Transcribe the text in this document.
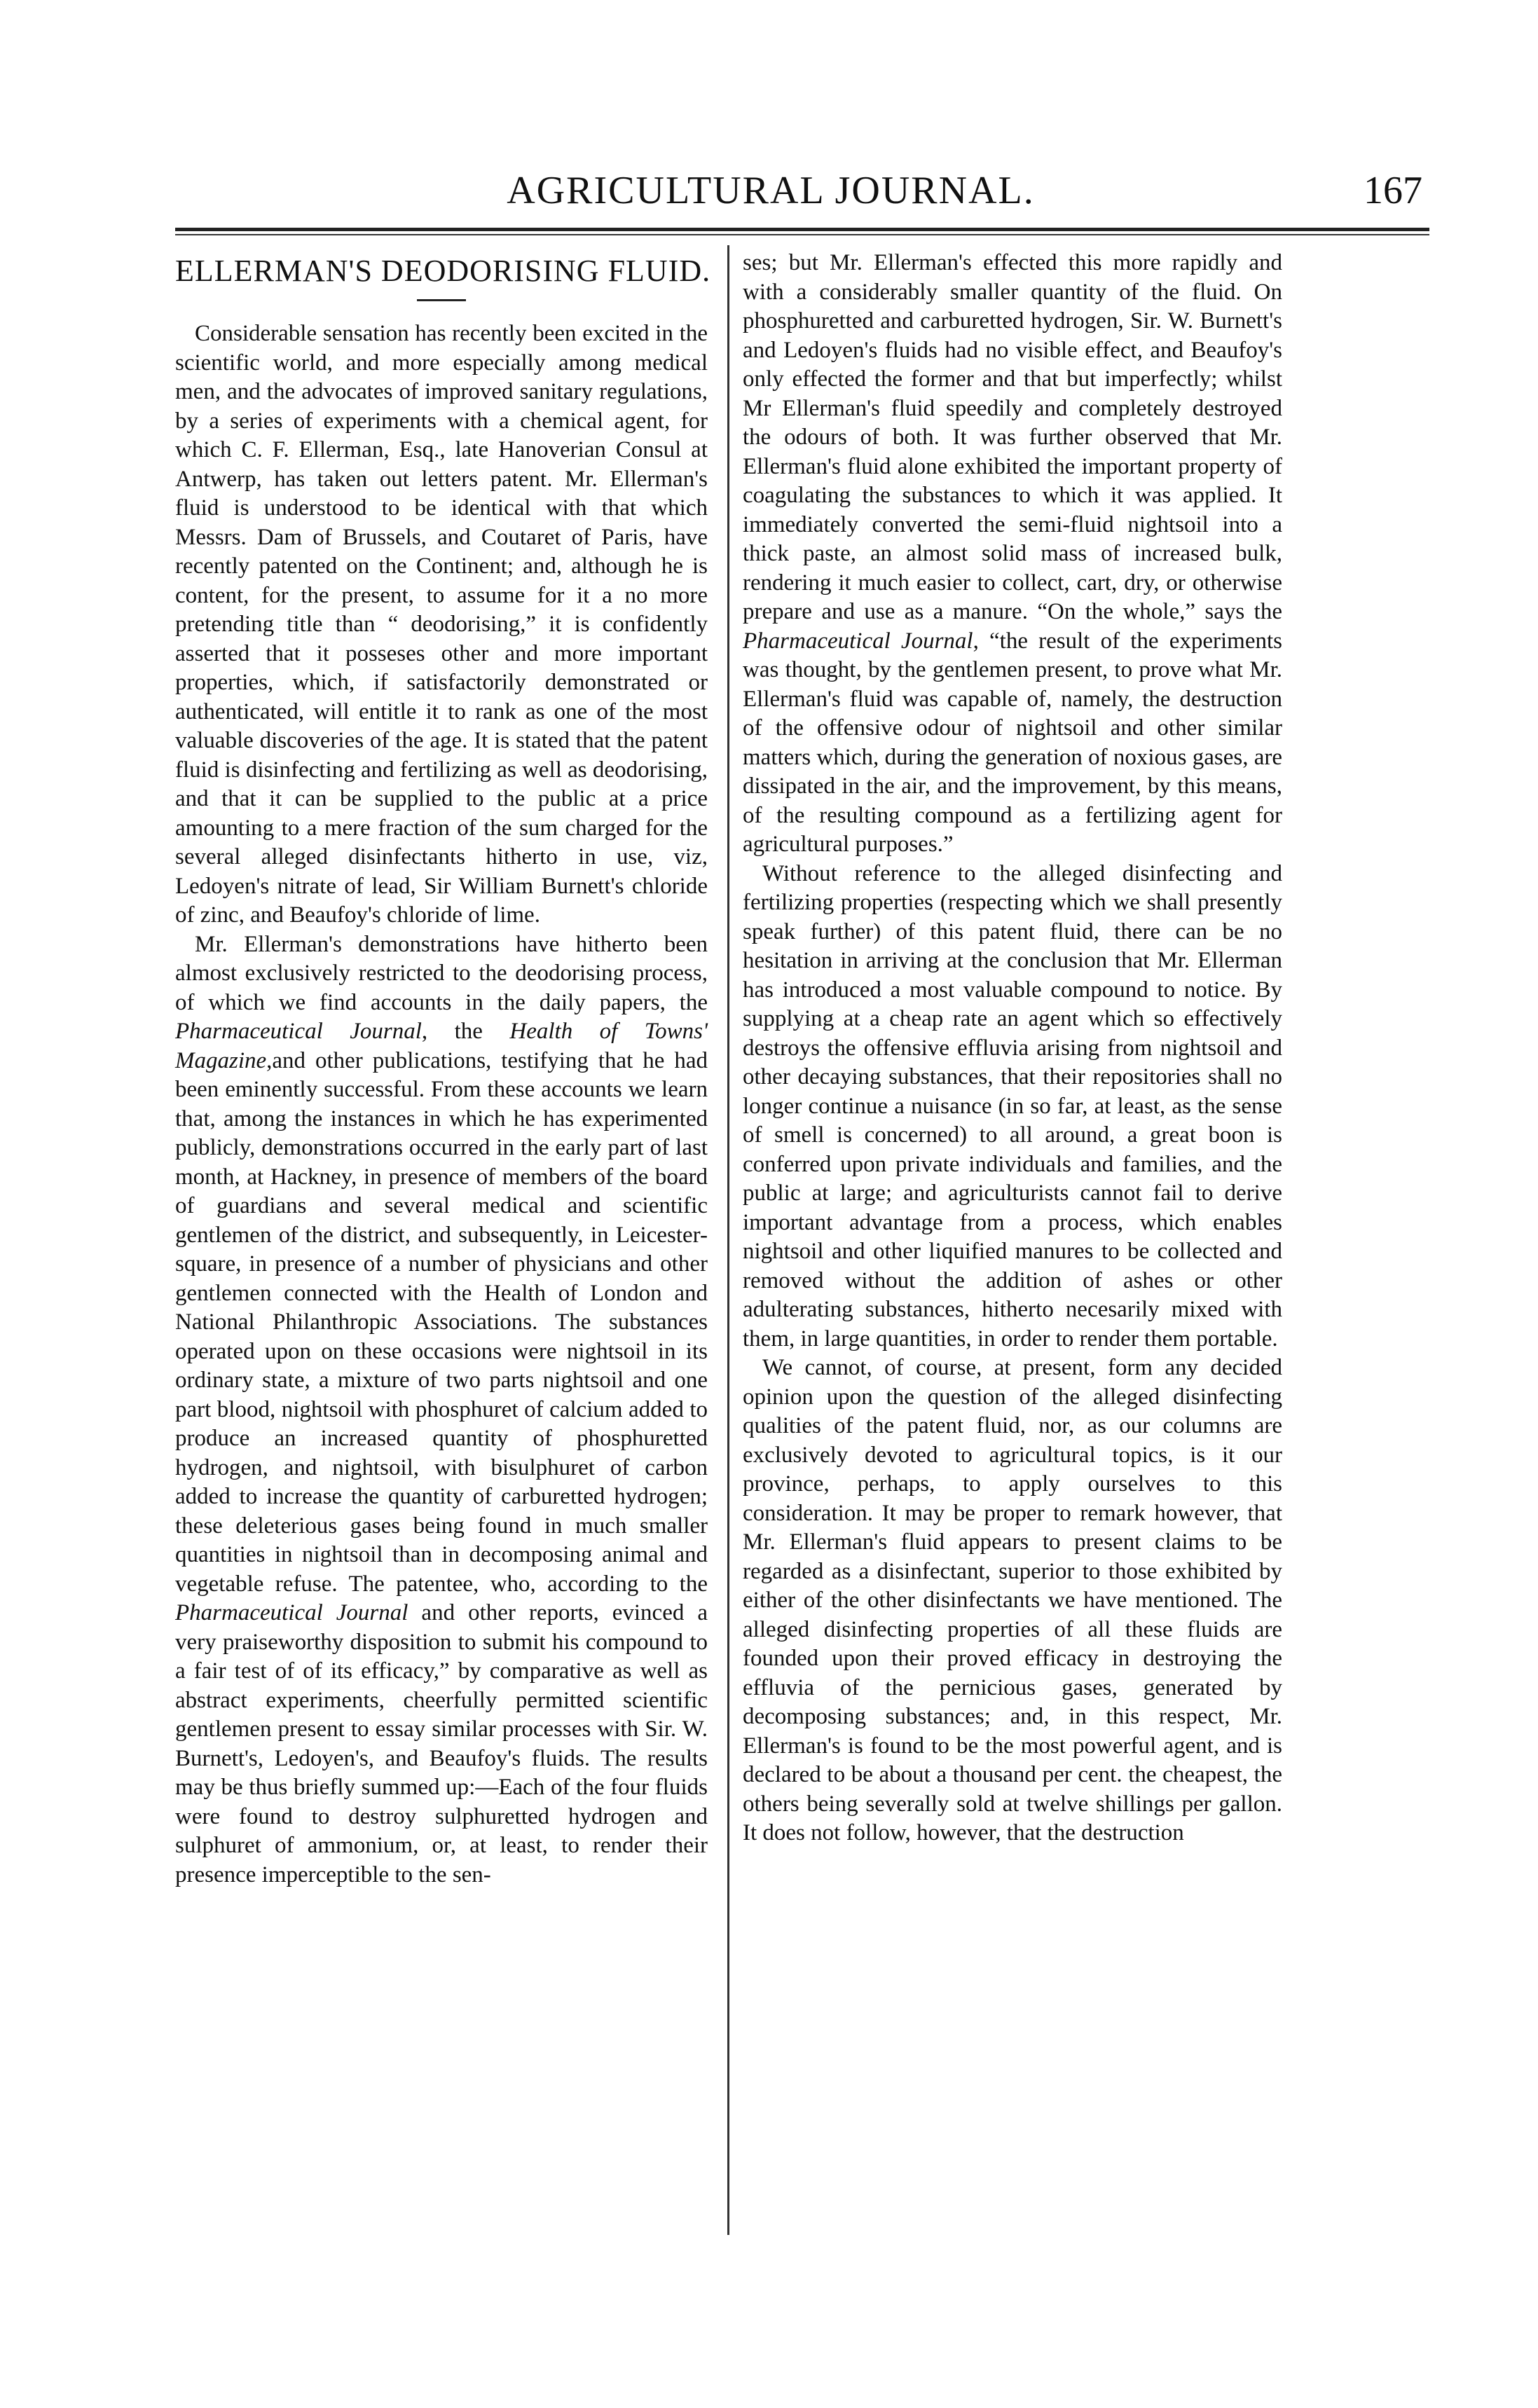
AGRICULTURAL JOURNAL.	167
ELLERMAN'S DEODORISING FLUID.

Considerable sensation has recently been excited in the scientific world, and more especially among medical men, and the advocates of improved sanitary regulations, by a series of experiments with a chemical agent, for which C. F. Ellerman, Esq., late Hanoverian Consul at Antwerp, has taken out letters patent. Mr. Ellerman's fluid is understood to be identical with that which Messrs. Dam of Brussels, and Coutaret of Paris, have recently patented on the Continent; and, although he is content, for the present, to assume for it a no more pretending title than “ deodorising,” it is confidently asserted that it posseses other and more important properties, which, if satisfactorily demonstrated or authenticated, will entitle it to rank as one of the most valuable discoveries of the age. It is stated that the patent fluid is disinfecting and fertilizing as well as deodorising, and that it can be supplied to the public at a price amounting to a mere fraction of the sum charged for the several alleged disinfectants hitherto in use, viz, Ledoyen's nitrate of lead, Sir William Burnett's chloride of zinc, and Beaufoy's chloride of lime.

Mr. Ellerman's demonstrations have hitherto been almost exclusively restricted to the deodorising process, of which we find accounts in the daily papers, the Pharmaceutical Journal, the Health of Towns' Magazine,and other publications, testifying that he had been eminently successful. From these accounts we learn that, among the instances in which he has experimented publicly, demonstrations occurred in the early part of last month, at Hackney, in presence of members of the board of guardians and several medical and scientific gentlemen of the district, and subsequently, in Leicester-square, in presence of a number of physicians and other gentlemen connected with the Health of London and National Philanthropic Associations. The substances operated upon on these occasions were nightsoil in its ordinary state, a mixture of two parts nightsoil and one part blood, nightsoil with phosphuret of calcium added to produce an increased quantity of phosphuretted hydrogen, and nightsoil, with bisulphuret of carbon added to increase the quantity of carburetted hydrogen; these deleterious gases being found in much smaller quantities in nightsoil than in decomposing animal and vegetable refuse. The patentee, who, according to the Pharmaceutical Journal and other reports, evinced a very praiseworthy disposition to submit his compound to a fair test of of its efficacy,” by comparative as well as abstract experiments, cheerfully permitted scientific gentlemen present to essay similar processes with Sir. W. Burnett's, Ledoyen's, and Beaufoy's fluids. The results may be thus briefly summed up:—Each of the four fluids were found to destroy sulphuretted hydrogen and sulphuret of ammonium, or, at least, to render their presence imperceptible to the sen-

ses; but Mr. Ellerman's effected this more rapidly and with a considerably smaller quantity of the fluid. On phosphuretted and carburetted hydrogen, Sir. W. Burnett's and Ledoyen's fluids had no visible effect, and Beaufoy's only effected the former and that but imperfectly; whilst Mr Ellerman's fluid speedily and completely destroyed the odours of both. It was further observed that Mr. Ellerman's fluid alone exhibited the important property of coagulating the substances to which it was applied. It immediately converted the semi-fluid nightsoil into a thick paste, an almost solid mass of increased bulk, rendering it much easier to collect, cart, dry, or otherwise prepare and use as a manure. “On the whole,” says the Pharmaceutical Journal, “the result of the experiments was thought, by the gentlemen present, to prove what Mr. Ellerman's fluid was capable of, namely, the destruction of the offensive odour of nightsoil and other similar matters which, during the generation of noxious gases, are dissipated in the air, and the improvement, by this means, of the resulting compound as a fertilizing agent for agricultural purposes.”

Without reference to the alleged disinfecting and fertilizing properties (respecting which we shall presently speak further) of this patent fluid, there can be no hesitation in arriving at the conclusion that Mr. Ellerman has introduced a most valuable compound to notice. By supplying at a cheap rate an agent which so effectively destroys the offensive effluvia arising from nightsoil and other decaying substances, that their repositories shall no longer continue a nuisance (in so far, at least, as the sense of smell is concerned) to all around, a great boon is conferred upon private individuals and families, and the public at large; and agriculturists cannot fail to derive important advantage from a process, which enables nightsoil and other liquified manures to be collected and removed without the addition of ashes or other adulterating substances, hitherto necesarily mixed with them, in large quantities, in order to render them portable.

We cannot, of course, at present, form any decided opinion upon the question of the alleged disinfecting qualities of the patent fluid, nor, as our columns are exclusively devoted to agricultural topics, is it our province, perhaps, to apply ourselves to this consideration. It may be proper to remark however, that Mr. Ellerman's fluid appears to present claims to be regarded as a disinfectant, superior to those exhibited by either of the other disinfectants we have mentioned. The alleged disinfecting properties of all these fluids are founded upon their proved efficacy in destroying the effluvia of the pernicious gases, generated by decomposing substances; and, in this respect, Mr. Ellerman's is found to be the most powerful agent, and is declared to be about a thousand per cent. the cheapest, the others being severally sold at twelve shillings per gallon. It does not follow, however, that the destruction
